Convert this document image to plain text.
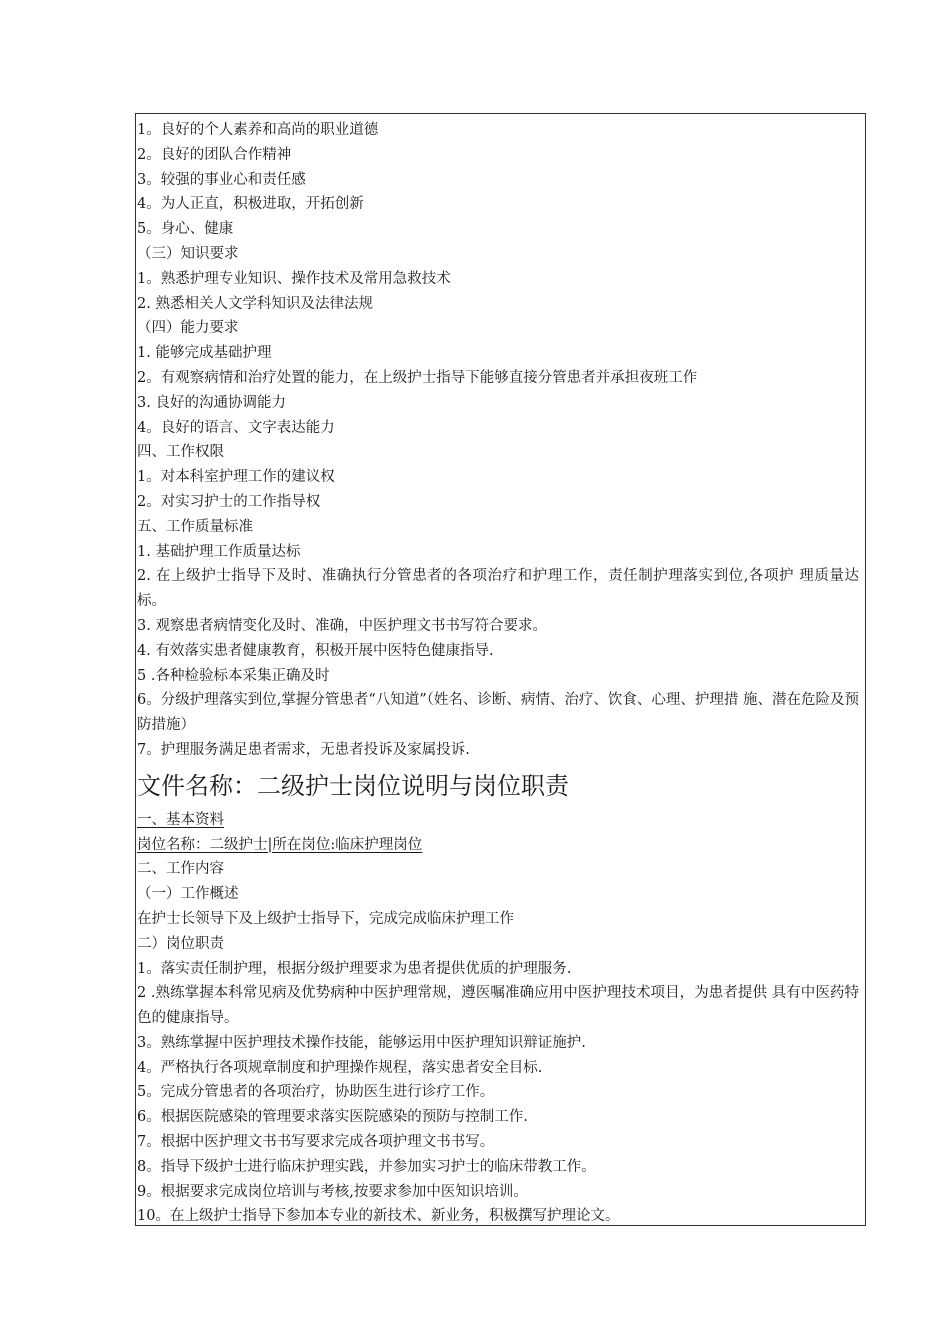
1。良好的个人素养和高尚的职业道德
2。良好的团队合作精神
3。较强的事业心和责任感
4。为人正直，积极进取，开拓创新
5。身心、健康
（三）知识要求
1。熟悉护理专业知识、操作技术及常用急救技术
2. 熟悉相关人文学科知识及法律法规
（四）能力要求
1. 能够完成基础护理
2。有观察病情和治疗处置的能力，在上级护士指导下能够直接分管患者并承担夜班工作
3. 良好的沟通协调能力
4。良好的语言、文字表达能力
四、工作权限
1。对本科室护理工作的建议权
2。对实习护士的工作指导权
五、工作质量标准
1. 基础护理工作质量达标
2. 在上级护士指导下及时、准确执行分管患者的各项治疗和护理工作，责任制护理落实到位,各项护 理质量达标。
3. 观察患者病情变化及时、准确，中医护理文书书写符合要求。
4. 有效落实患者健康教育，积极开展中医特色健康指导.
5 .各种检验标本采集正确及时
6。分级护理落实到位,掌握分管患者“八知道”（姓名、诊断、病情、治疗、饮食、心理、护理措 施、潜在危险及预防措施）
7。护理服务满足患者需求，无患者投诉及家属投诉.
文件名称：二级护士岗位说明与岗位职责
一、基本资料
岗位名称：二级护士|所在岗位:临床护理岗位
二、工作内容
（一）工作概述
在护士长领导下及上级护士指导下，完成完成临床护理工作
二）岗位职责
1。落实责任制护理，根据分级护理要求为患者提供优质的护理服务.
2 .熟练掌握本科常见病及优势病种中医护理常规，遵医嘱准确应用中医护理技术项目，为患者提供 具有中医药特色的健康指导。
3。熟练掌握中医护理技术操作技能，能够运用中医护理知识辩证施护.
4。严格执行各项规章制度和护理操作规程，落实患者安全目标.
5。完成分管患者的各项治疗，协助医生进行诊疗工作。
6。根据医院感染的管理要求落实医院感染的预防与控制工作.
7。根据中医护理文书书写要求完成各项护理文书书写。
8。指导下级护士进行临床护理实践，并参加实习护士的临床带教工作。
9。根据要求完成岗位培训与考核,按要求参加中医知识培训。
10。在上级护士指导下参加本专业的新技术、新业务，积极撰写护理论文。
